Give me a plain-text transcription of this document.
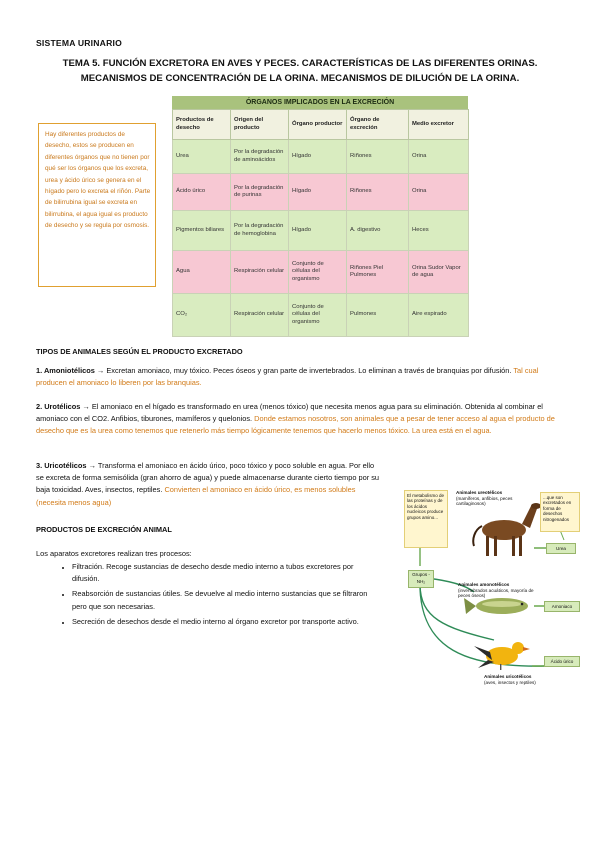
SISTEMA URINARIO
TEMA 5. FUNCIÓN EXCRETORA EN AVES Y PECES. CARACTERÍSTICAS DE LAS DIFERENTES ORINAS. MECANISMOS DE CONCENTRACIÓN DE LA ORINA. MECANISMOS DE DILUCIÓN DE LA ORINA.
Hay diferentes productos de desecho, estos se producen en diferentes órganos que no tienen por qué ser los órganos que los excreta, urea y ácido úrico se genera en el hígado pero lo excreta el riñón. Parte de bilirrubina igual se excreta en bilirrubina, el agua igual es producto de desecho y se regula por osmosis.
ÓRGANOS IMPLICADOS EN LA EXCRECIÓN
Productos de desecho	Origen del producto	Órgano productor	Órgano de excreción	Medio excretor
Urea	Por la degradación de aminoácidos	Hígado	Riñones	Orina
Ácido úrico	Por la degradación de purinas	Hígado	Riñones	Orina
Pigmentos biliares	Por la degradación de hemoglobina	Hígado	A. digestivo	Heces
Agua	Respiración celular	Conjunto de células del organismo	Riñones Piel Pulmones	Orina Sudor Vapor de agua
CO₂	Respiración celular	Conjunto de células del organismo	Pulmones	Aire espirado
TIPOS DE ANIMALES SEGÚN EL PRODUCTO EXCRETADO
1. Amoniotélicos → Excretan amoniaco, muy tóxico. Peces óseos y gran parte de invertebrados. Lo eliminan a través de branquias por difusión. Tal cual producen el amoniaco lo liberen por las branquias.
2. Urotélicos → El amoniaco en el hígado es transformado en urea (menos tóxico) que necesita menos agua para su eliminación. Obtenida al combinar el amoniaco con el CO2. Anfibios, tiburones, mamíferos y quelonios. Donde estamos nosotros, son animales que a pesar de tener acceso al agua el producto de desecho que es la urea como tenemos que retenerlo más tiempo lógicamente tenemos que hacerlo menos tóxico. La urea está en el agua.
3. Uricotélicos → Transforma el amoniaco en ácido úrico, poco tóxico y poco soluble en agua. Por ello se excreta de forma semisólida (gran ahorro de agua) y puede almacenarse durante cierto tiempo por su baja toxicidad. Aves, insectos, reptiles. Convierten el amoniaco en ácido úrico, es menos solubles (necesita menos agua)
PRODUCTOS DE EXCRECIÓN ANIMAL
Los aparatos excretores realizan tres procesos:
• Filtración. Recoge sustancias de desecho desde medio interno a tubos excretores por difusión.
• Reabsorción de sustancias útiles. Se devuelve al medio interno sustancias que se filtraron pero que son necesarias.
• Secreción de desechos desde el medio interno al órgano excretor por transporte activo.
El metabolismo de las proteínas y de los ácidos nucleicos produce grupos amino...
Animales ureotélicos
(mamíferos, anfibios, peces cartilaginosos)
...que son excretados en forma de desechos nitrogenados
Urea
Grupos -NH₂
Animales amonotélicos
(invertebrados acuáticos, mayoría de peces óseos)
Amoniaco
Ácido úrico
Animales uricotélicos
(aves, insectos y reptiles)
